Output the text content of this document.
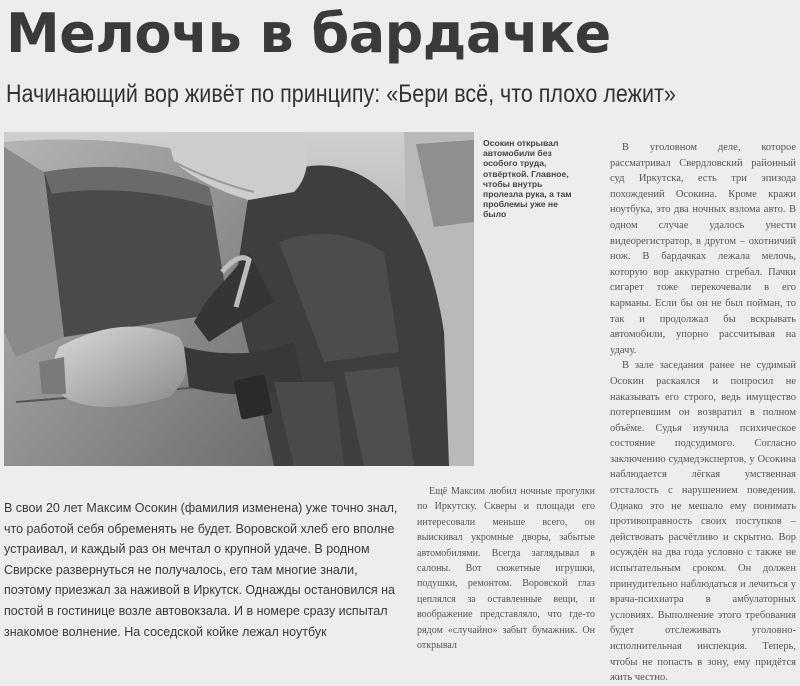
Мелочь в бардачке
Начинающий вор живёт по принципу: «Бери всё, что плохо лежит»
Осокин открывал автомобили без особого труда, отвёрткой. Главное, чтобы внутрь пролезла рука, а там проблемы уже не было

В уголовном деле, которое рассматривал Свердловский районный суд Иркутска, есть три эпизода похождений Осокина. Кроме кражи ноутбука, это два ночных взлома авто. В одном случае удалось унести видеорегистратор, в другом – охотничий нож. В бардачках лежала мелочь, которую вор аккуратно сгребал. Пачки сигарет тоже перекочевали в его карманы. Если бы он не был пойман, то так и продолжал бы вскрывать автомобили, упорно рассчитывая на удачу.

В зале заседания ранее не судимый Осокин раскаялся и попросил не наказывать его строго, ведь имущество потерпевшим он возвратил в полном объёме. Судья изучила психическое состояние подсудимого. Согласно заключению судмедэкспертов, у Осокина наблюдается лёгкая умственная отсталость с нарушением поведения. Однако это не мешало ему понимать противоправность своих поступков – действовать расчётливо и скрытно. Вор осуждён на два года условно с также не испытательным сроком. Он должен принудительно наблюдаться и лечиться у врача-психиатра в амбулаторных условиях. Выполнение этого требования будет отслеживать уголовно-исполнительная инспекция. Теперь, чтобы не попасть в зону, ему придётся жить честно.

Ещё Максим любил ночные прогулки по Иркутску. Скверы и площади его интересовали меньше всего, он выискивал укромные дворы, забытые автомобилями. Всегда заглядывал в салоны. Вот сюжетные игрушки, подушки, ремонтом. Воровской глаз цеплялся за оставленные вещи, и воображение представляло, что где-то рядом «случайно» забыт бумажник. Он открывал

В свои 20 лет Максим Осокин (фамилия изменена) уже точно знал, что работой себя обременять не будет. Воровской хлеб его вполне устраивал, и каждый раз он мечтал о крупной удаче. В родном Свирске развернуться не получалось, его там многие знали, поэтому приезжал за наживой в Иркутск. Однажды остановился на постой в гостинице возле автовокзала. И в номере сразу испытал знакомое волнение. На соседской койке лежал ноутбук
